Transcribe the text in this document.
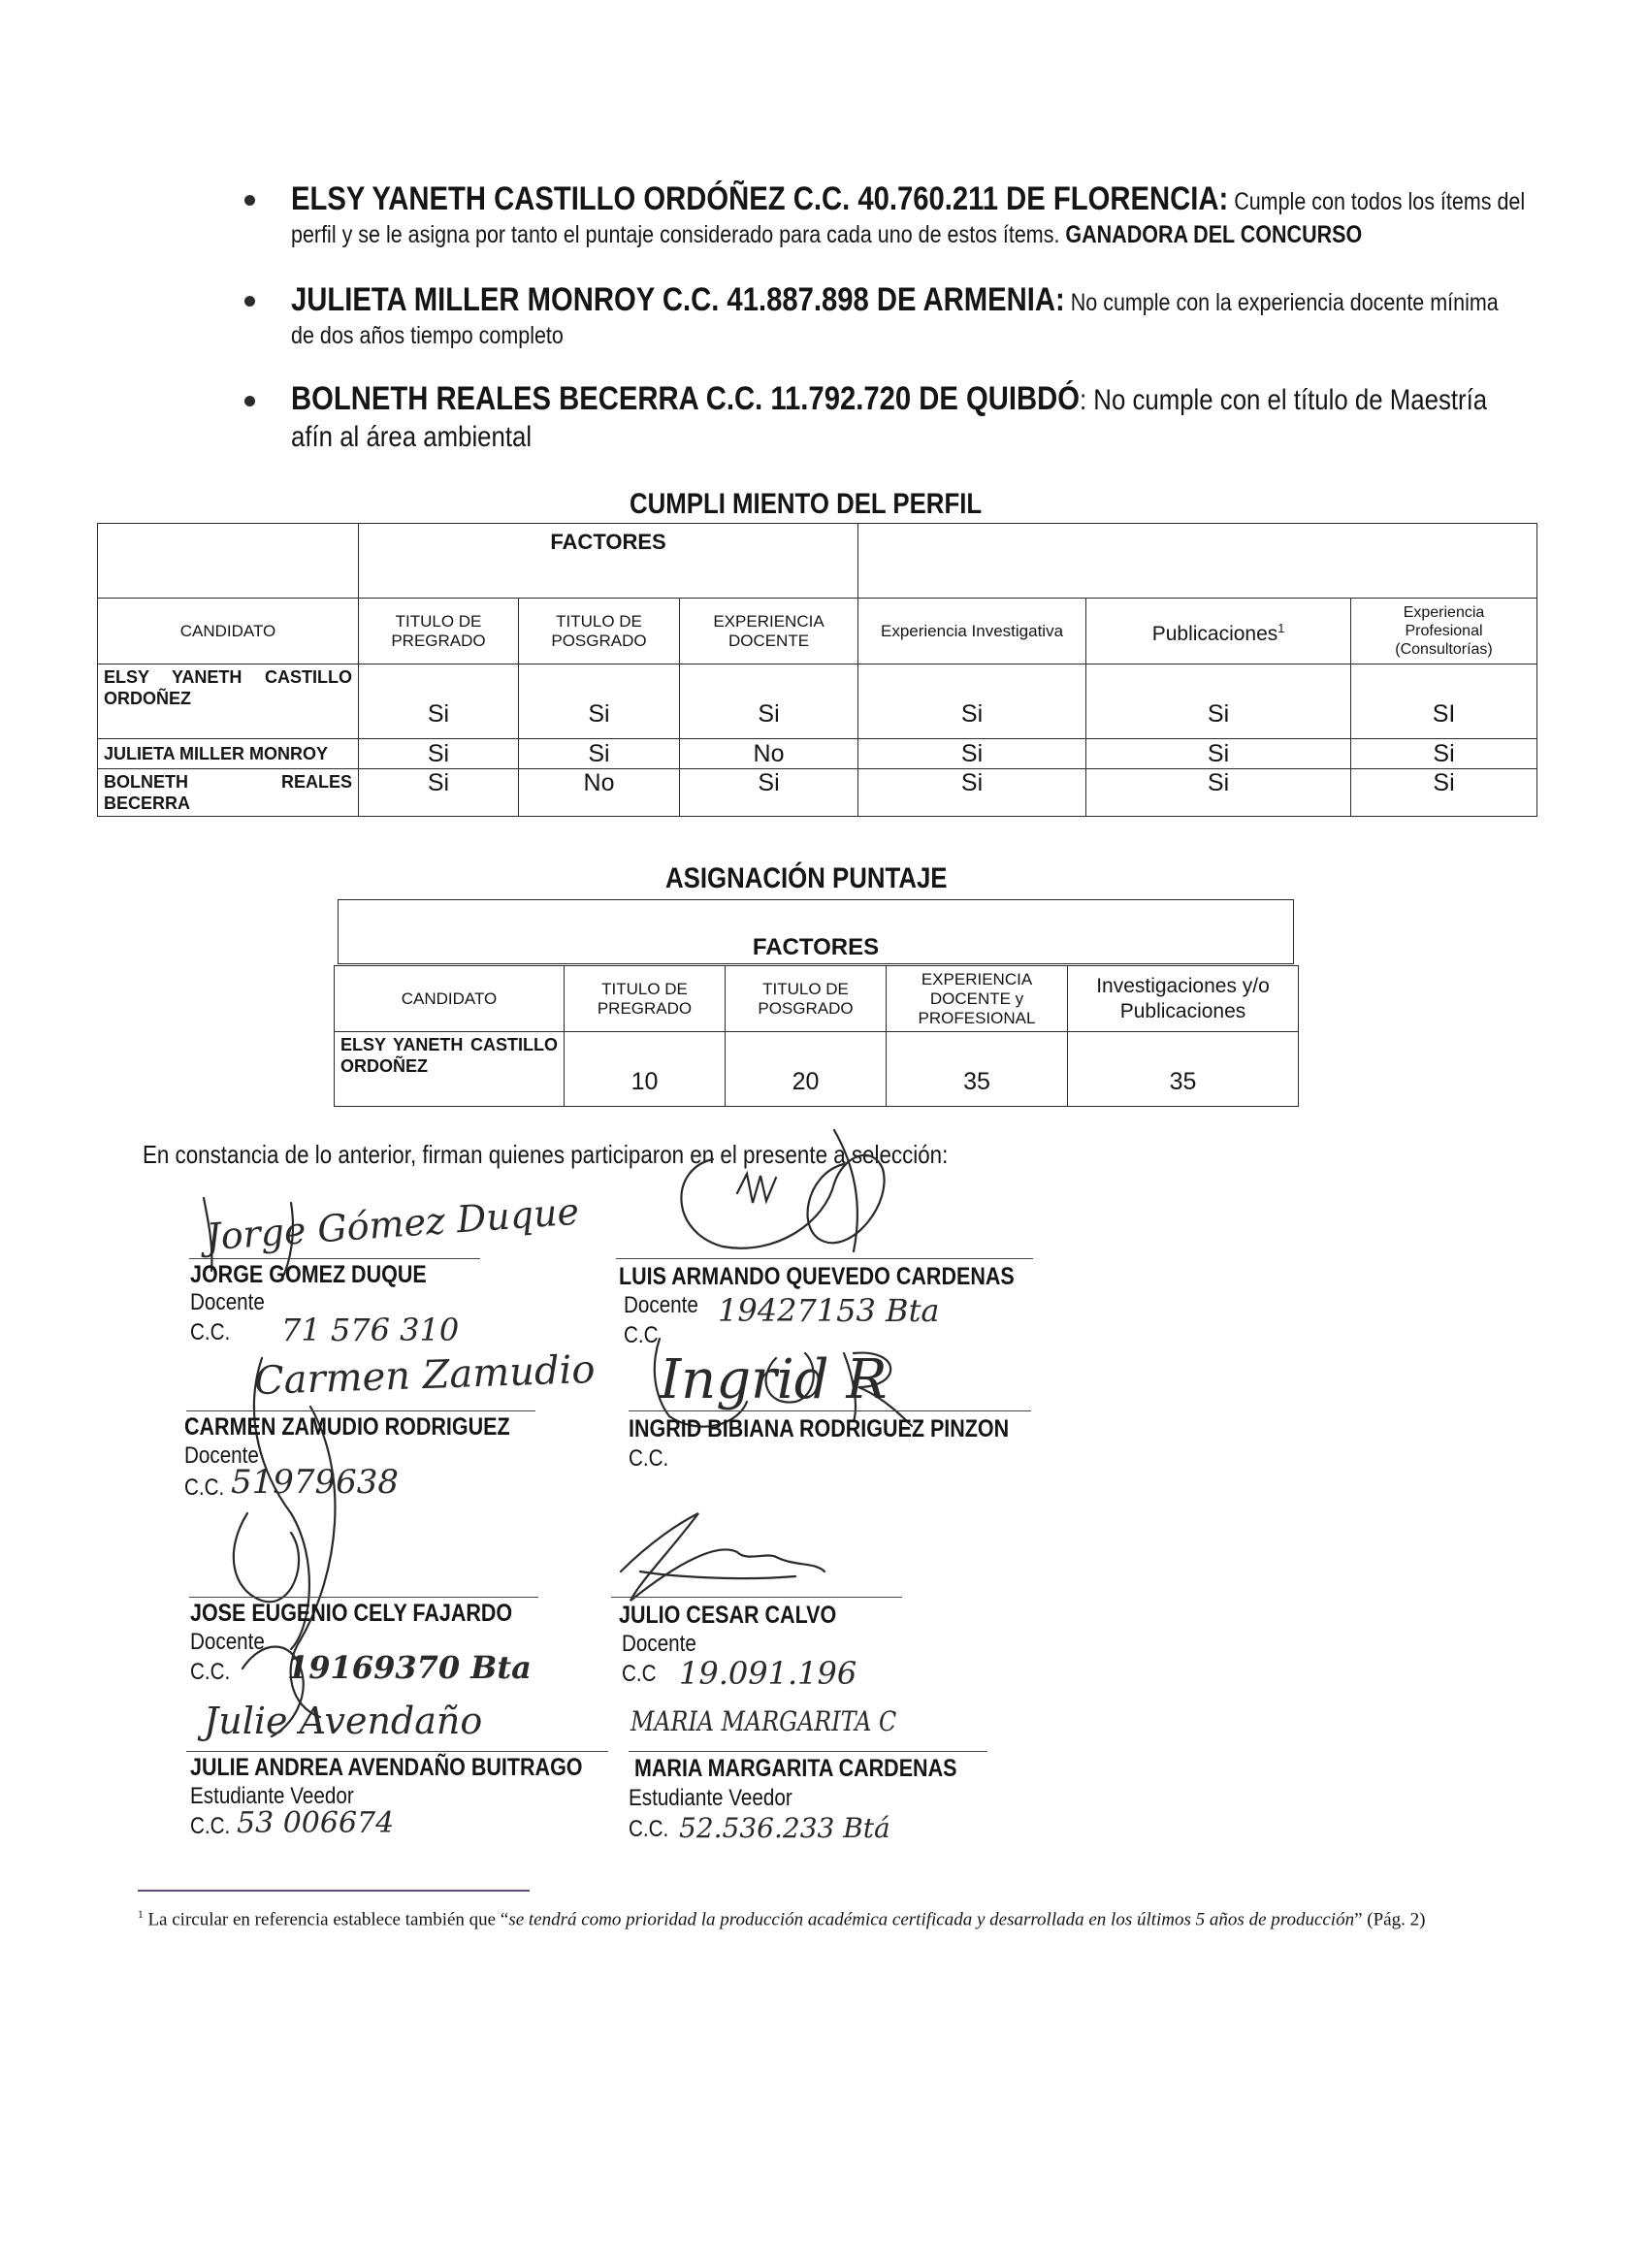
ELSY YANETH CASTILLO ORDÓÑEZ C.C. 40.760.211 DE FLORENCIA: Cumple con todos los ítems del
perfil y se le asigna por tanto el puntaje considerado para cada uno de estos ítems. GANADORA DEL CONCURSO
JULIETA MILLER MONROY C.C. 41.887.898 DE ARMENIA: No cumple con la experiencia docente mínima
de dos años tiempo completo
BOLNETH REALES BECERRA C.C. 11.792.720 DE QUIBDÓ: No cumple con el título de Maestría
afín al área ambiental
CUMPLI MIENTO DEL PERFIL
	FACTORES					
CANDIDATO	TITULO DE PREGRADO	TITULO DE POSGRADO	EXPERIENCIA DOCENTE	Experiencia Investigativa	Publicaciones$^1$	Experiencia Profesional (Consultorías)

ELSY YANETH CASTILLO ORDOÑEZ	Si	Si	Si	Si	Si	SI
JULIETA MILLER MONROY	Si	Si	No	Si	Si	Si
BOLNETH REALES BECERRA	Si	No	Si	Si	Si	Si
ASIGNACIÓN PUNTAJE
FACTORES
CANDIDATO	TITULO DE PREGRADO	TITULO DE POSGRADO	EXPERIENCIA DOCENTE y PROFESIONAL	Investigaciones y/o Publicaciones

ELSY YANETH CASTILLO ORDOÑEZ	10	20	35	35
En constancia de lo anterior, firman quienes participaron en el presente a selección:
Jorge Gómez Duque
Carmen Zamudio Ingrid R
Julie Avendaño	MARIA MARGARITA C
JORGE GOMEZ DUQUE
Docente
C.C. 71 576 310
CARMEN ZAMUDIO RODRIGUEZ
Docente
C.C. 51979638
JOSE EUGENIO CELY FAJARDO
Docente
C.C. 19169370 Bta
JULIE ANDREA AVENDAÑO BUITRAGO
Estudiante Veedor
C.C. 53 006674
LUIS ARMANDO QUEVEDO CARDENAS
Docente
C.C
19427153 Bta
INGRID BIBIANA RODRIGUEZ PINZON
C.C.
JULIO CESAR CALVO
Docente
C.C 19.091.196
MARIA MARGARITA CARDENAS
Estudiante Veedor
C.C. 52.536.233 Btá
$^1$ La circular en referencia establece también que “se tendrá como prioridad la producción académica certificada y desarrollada en los últimos 5 años de producción” (Pág. 2)
